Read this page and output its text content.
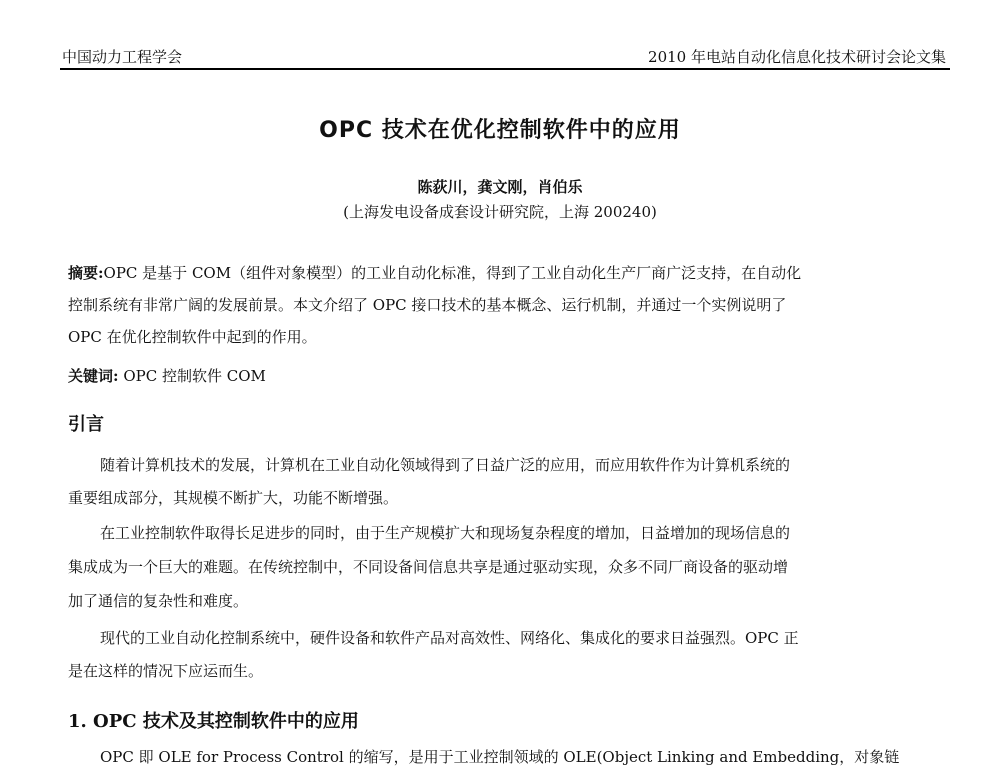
中国动力工程学会	2010 年电站自动化信息化技术研讨会论文集
OPC 技术在优化控制软件中的应用
陈荻川，龚文刚，肖伯乐
(上海发电设备成套设计研究院，上海 200240)
摘要:OPC 是基于 COM（组件对象模型）的工业自动化标准，得到了工业自动化生产厂商广泛支持，在自动化
控制系统有非常广阔的发展前景。本文介绍了 OPC 接口技术的基本概念、运行机制，并通过一个实例说明了
OPC 在优化控制软件中起到的作用。
关键词: OPC 控制软件 COM
引言
随着计算机技术的发展，计算机在工业自动化领域得到了日益广泛的应用，而应用软件作为计算机系统的
重要组成部分，其规模不断扩大，功能不断增强。
在工业控制软件取得长足进步的同时，由于生产规模扩大和现场复杂程度的增加，日益增加的现场信息的
集成成为一个巨大的难题。在传统控制中，不同设备间信息共享是通过驱动实现，众多不同厂商设备的驱动增
加了通信的复杂性和难度。
现代的工业自动化控制系统中，硬件设备和软件产品对高效性、网络化、集成化的要求日益强烈。OPC 正
是在这样的情况下应运而生。
1. OPC 技术及其控制软件中的应用
OPC 即 OLE for Process Control 的缩写，是用于工业控制领域的 OLE(Object Linking and Embedding，对象链
